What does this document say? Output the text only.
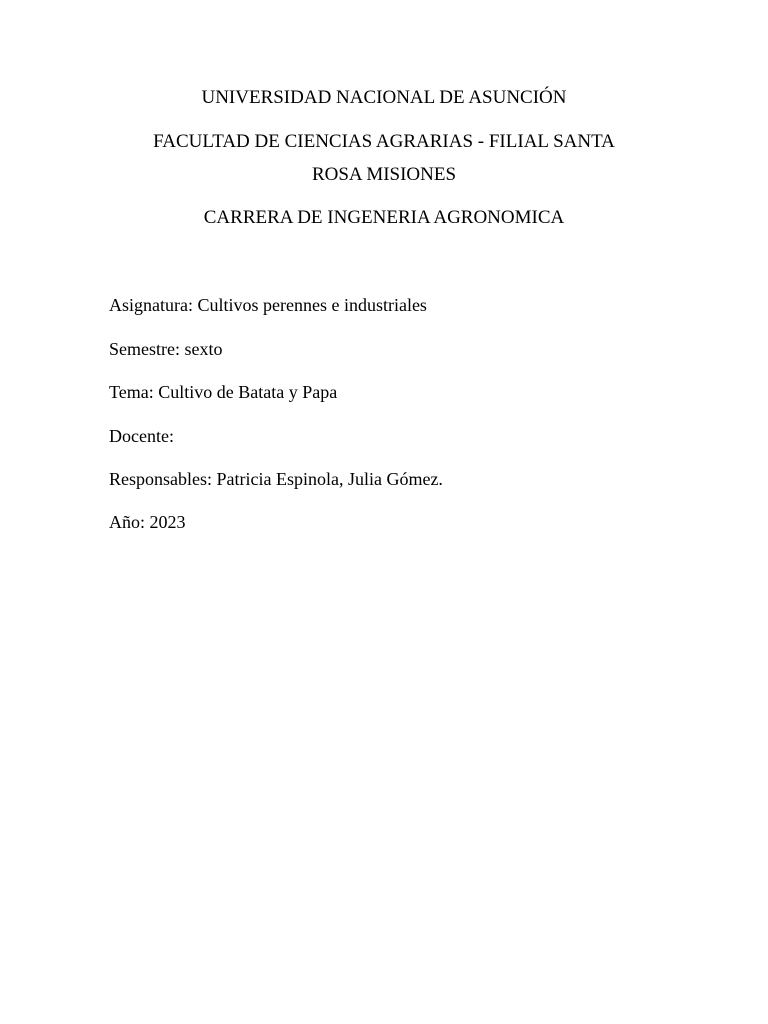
UNIVERSIDAD NACIONAL DE ASUNCIÓN
FACULTAD DE CIENCIAS AGRARIAS - FILIAL SANTA
ROSA MISIONES
CARRERA DE INGENERIA AGRONOMICA
Asignatura: Cultivos perennes e industriales
Semestre: sexto
Tema: Cultivo de Batata y Papa
Docente:
Responsables: Patricia Espinola, Julia Gómez.
Año: 2023
